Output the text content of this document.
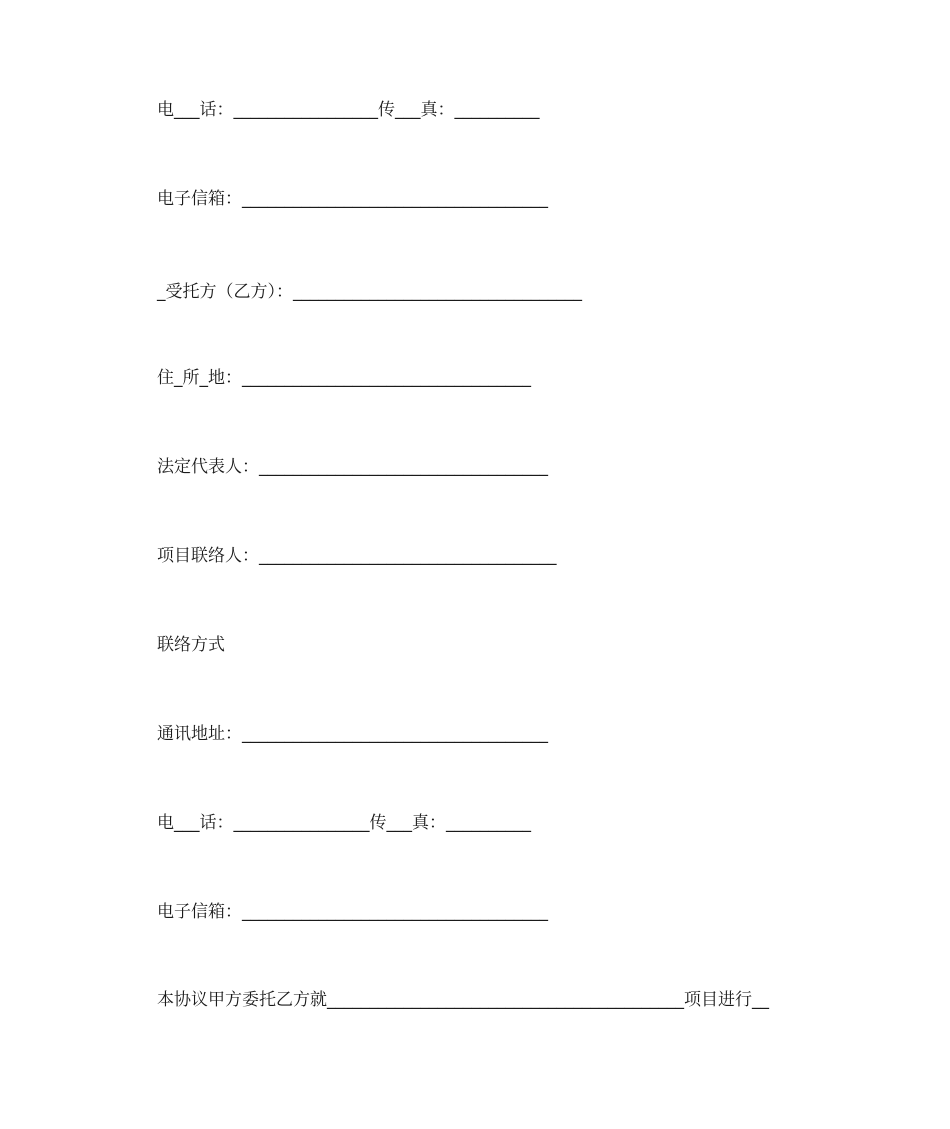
电___话：_________________传___真：__________
电子信箱：____________________________________
_受托方（乙方）：__________________________________
住_所_地：__________________________________
法定代表人：__________________________________
项目联络人：___________________________________
联络方式
通讯地址：____________________________________
电___话：________________传___真：__________
电子信箱：____________________________________
本协议甲方委托乙方就__________________________________________项目进行__
